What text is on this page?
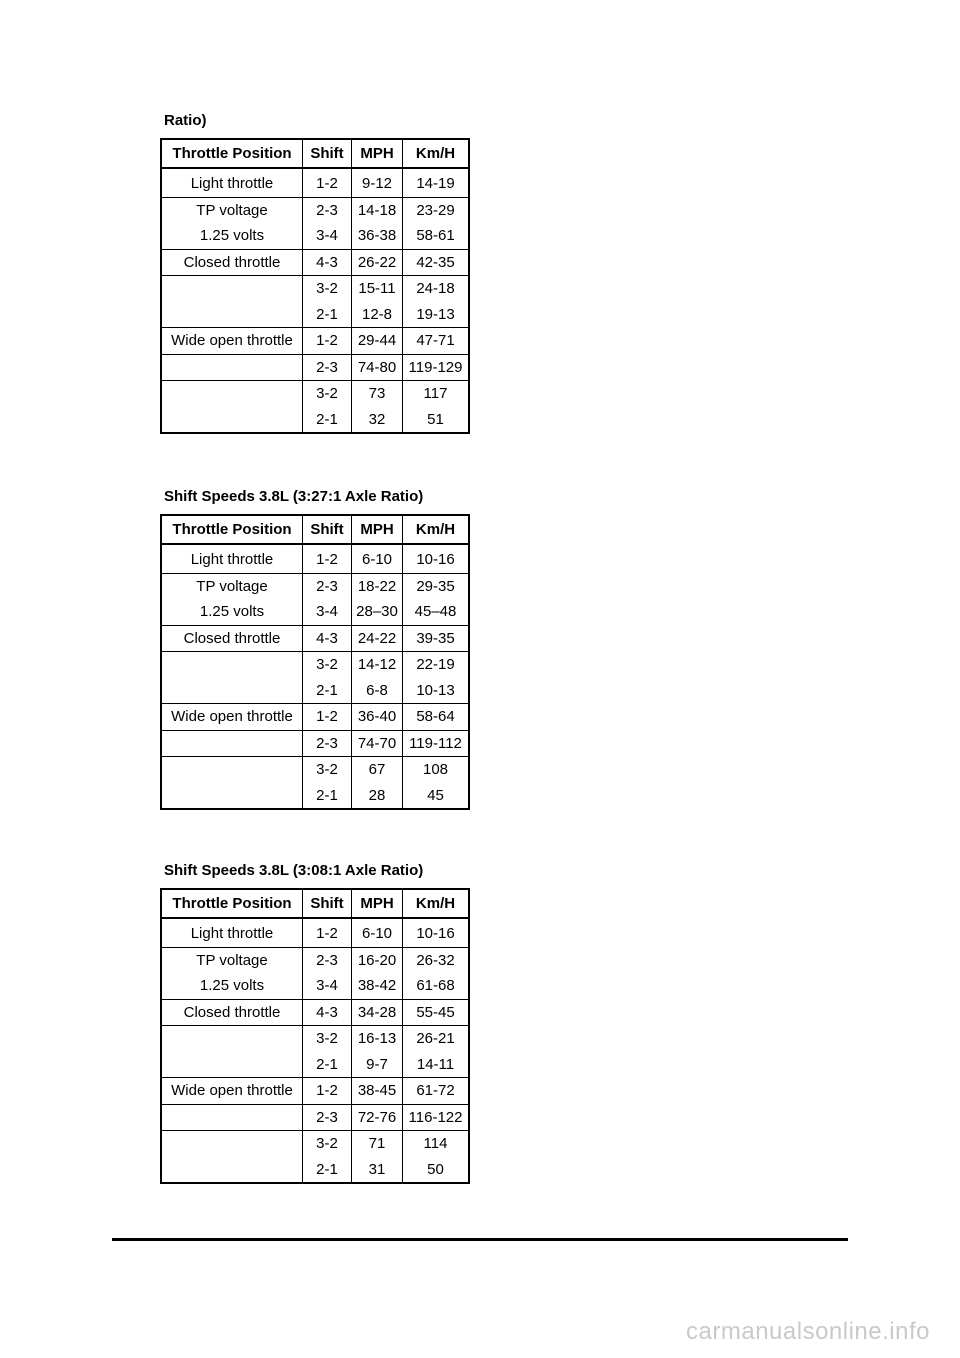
Ratio)
Throttle Position	Shift	MPH	Km/H
Light throttle	1-2	9-12	14-19
TP voltage	2-3	14-18	23-29
1.25 volts	3-4	36-38	58-61
Closed throttle	4-3	26-22	42-35
	3-2	15-11	24-18
	2-1	12-8	19-13
Wide open throttle	1-2	29-44	47-71
	2-3	74-80	119-129
	3-2	73	117
	2-1	32	51
Shift Speeds 3.8L (3:27:1 Axle Ratio)
Throttle Position	Shift	MPH	Km/H
Light throttle	1-2	6-10	10-16
TP voltage	2-3	18-22	29-35
1.25 volts	3-4	28–30	45–48
Closed throttle	4-3	24-22	39-35
	3-2	14-12	22-19
	2-1	6-8	10-13
Wide open throttle	1-2	36-40	58-64
	2-3	74-70	119-112
	3-2	67	108
	2-1	28	45
Shift Speeds 3.8L (3:08:1 Axle Ratio)
Throttle Position	Shift	MPH	Km/H
Light throttle	1-2	6-10	10-16
TP voltage	2-3	16-20	26-32
1.25 volts	3-4	38-42	61-68
Closed throttle	4-3	34-28	55-45
	3-2	16-13	26-21
	2-1	9-7	14-11
Wide open throttle	1-2	38-45	61-72
	2-3	72-76	116-122
	3-2	71	114
	2-1	31	50
carmanualsonline.info
